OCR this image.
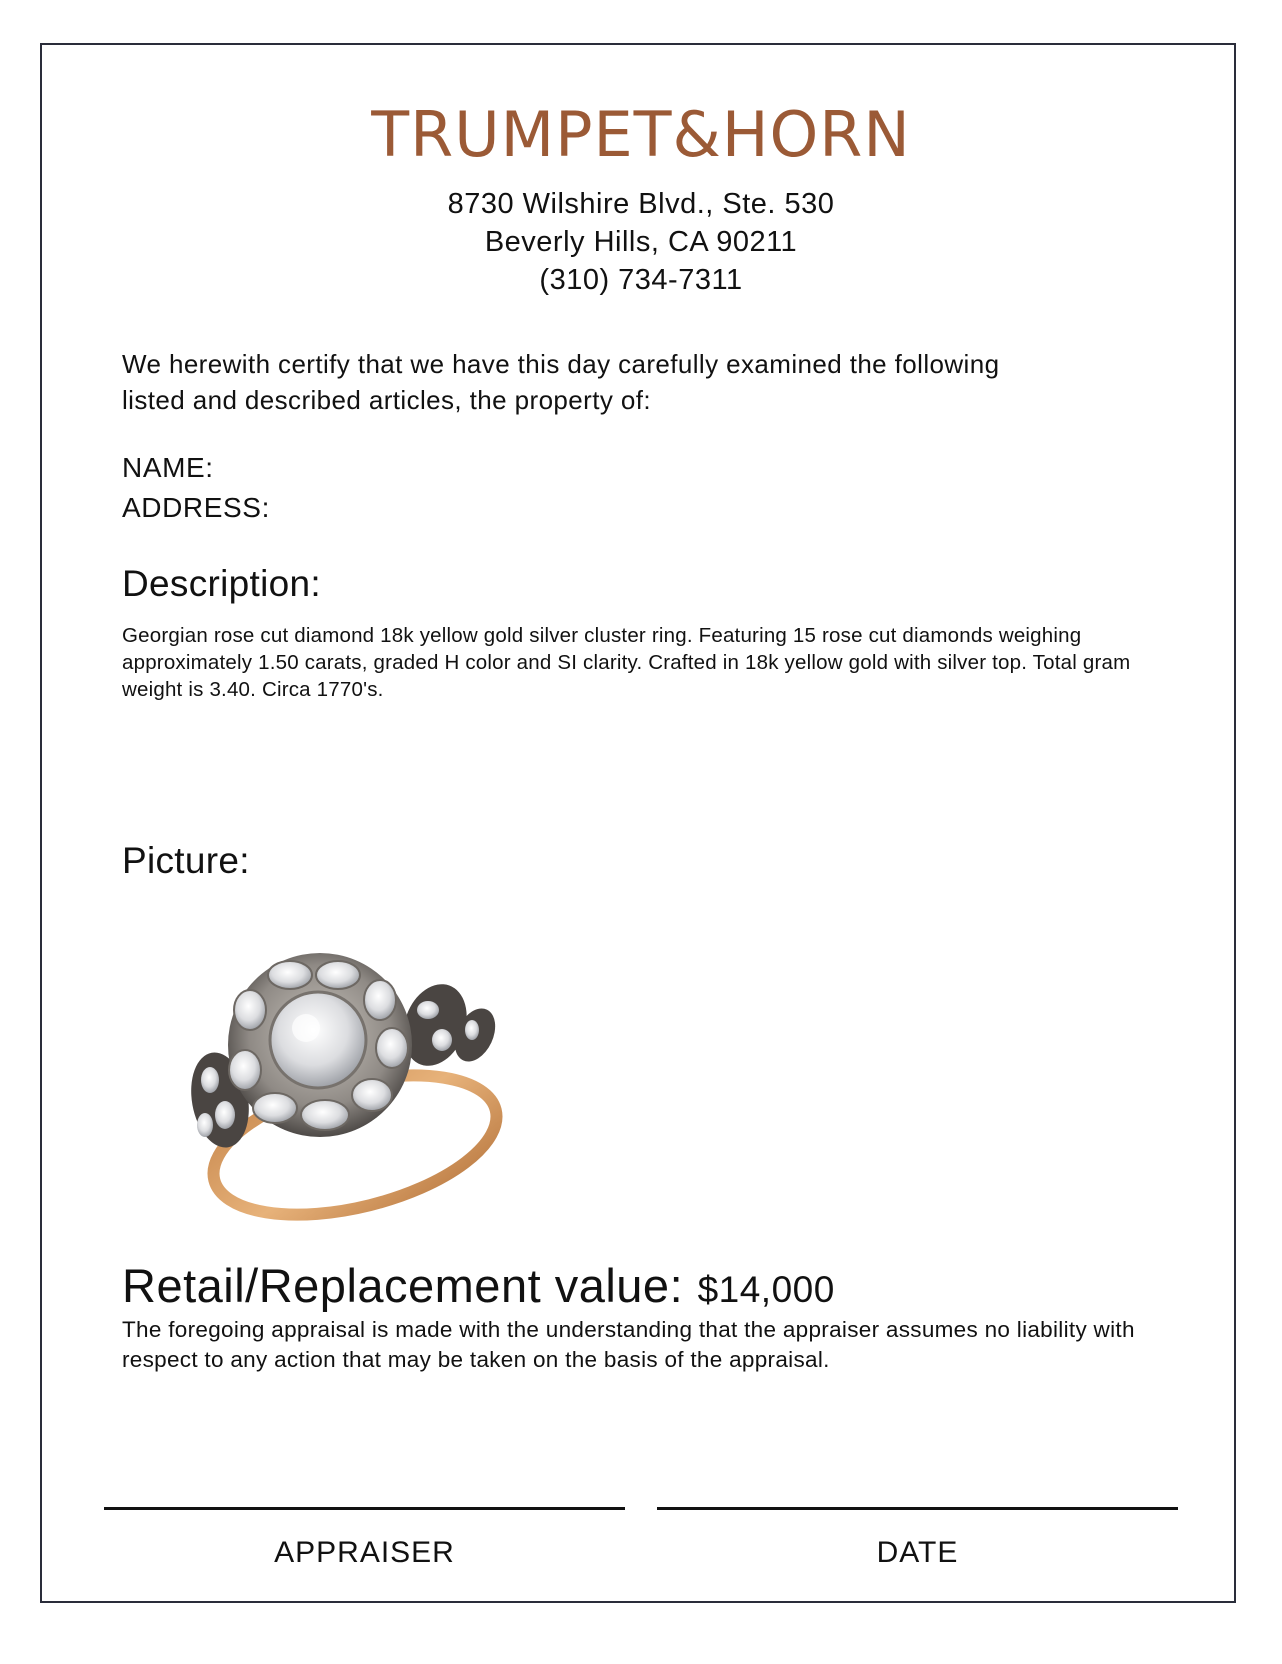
TRUMPET&HORN
8730 Wilshire Blvd., Ste. 530
Beverly Hills, CA 90211
(310) 734-7311
We herewith certify that we have this day carefully examined the following
listed and described articles, the property of:
NAME:
ADDRESS:
Description:
Georgian rose cut diamond 18k yellow gold silver cluster ring. Featuring 15 rose cut diamonds weighing approximately 1.50 carats, graded H color and SI clarity. Crafted in 18k yellow gold with silver top. Total gram weight is 3.40. Circa 1770's.
Picture:
Retail/Replacement value: $14,000
The foregoing appraisal is made with the understanding that the appraiser assumes no liability with respect to any action that may be taken on the basis of the appraisal.
APPRAISER	DATE
